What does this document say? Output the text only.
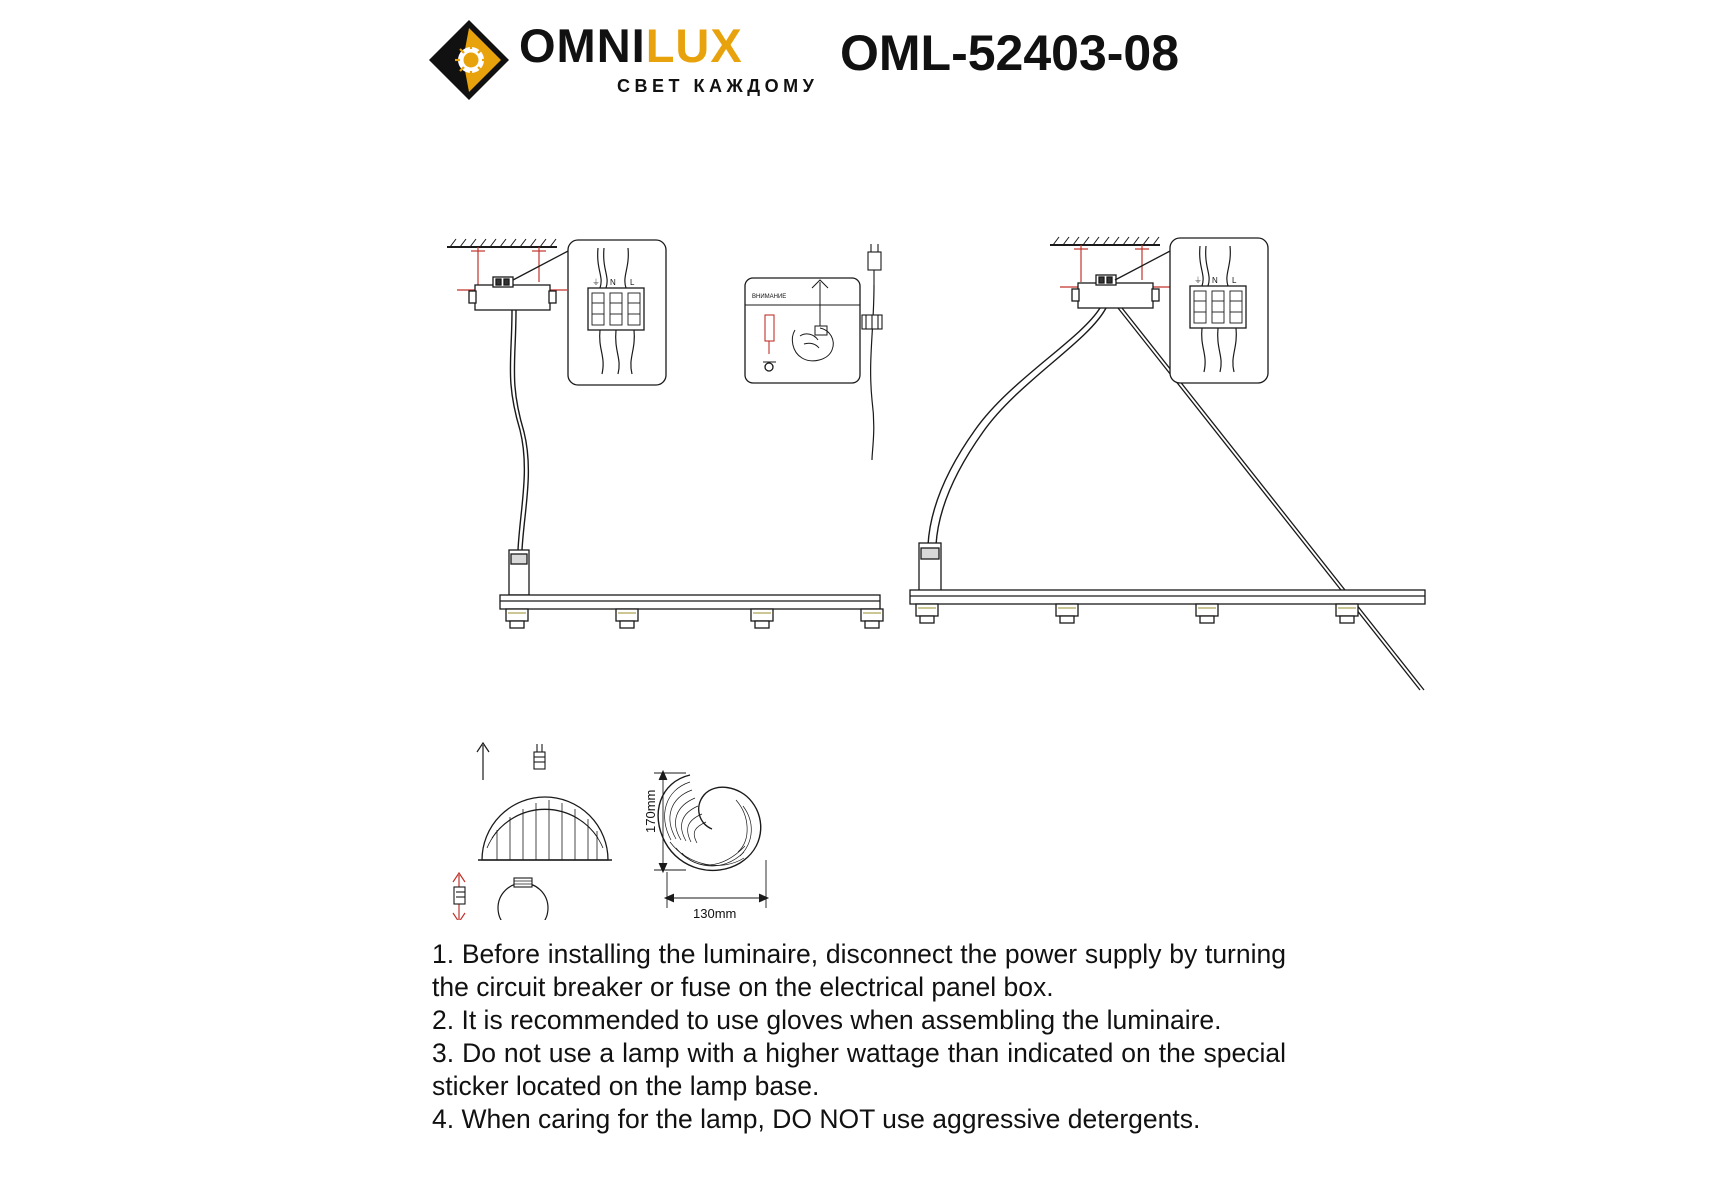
OMNILUX
СВЕТ КАЖДОМУ
OML-52403-08
⏚ N L
ВНИМАНИЕ
⏚ N L
170mm
130mm

1. Before installing the luminaire, disconnect the power supply by turning the circuit breaker or fuse on the electrical panel box.

2. It is recommended to use gloves when assembling the luminaire.

3. Do not use a lamp with a higher wattage than indicated on the special sticker located on the lamp base.

4. When caring for the lamp, DO NOT use aggressive detergents.
